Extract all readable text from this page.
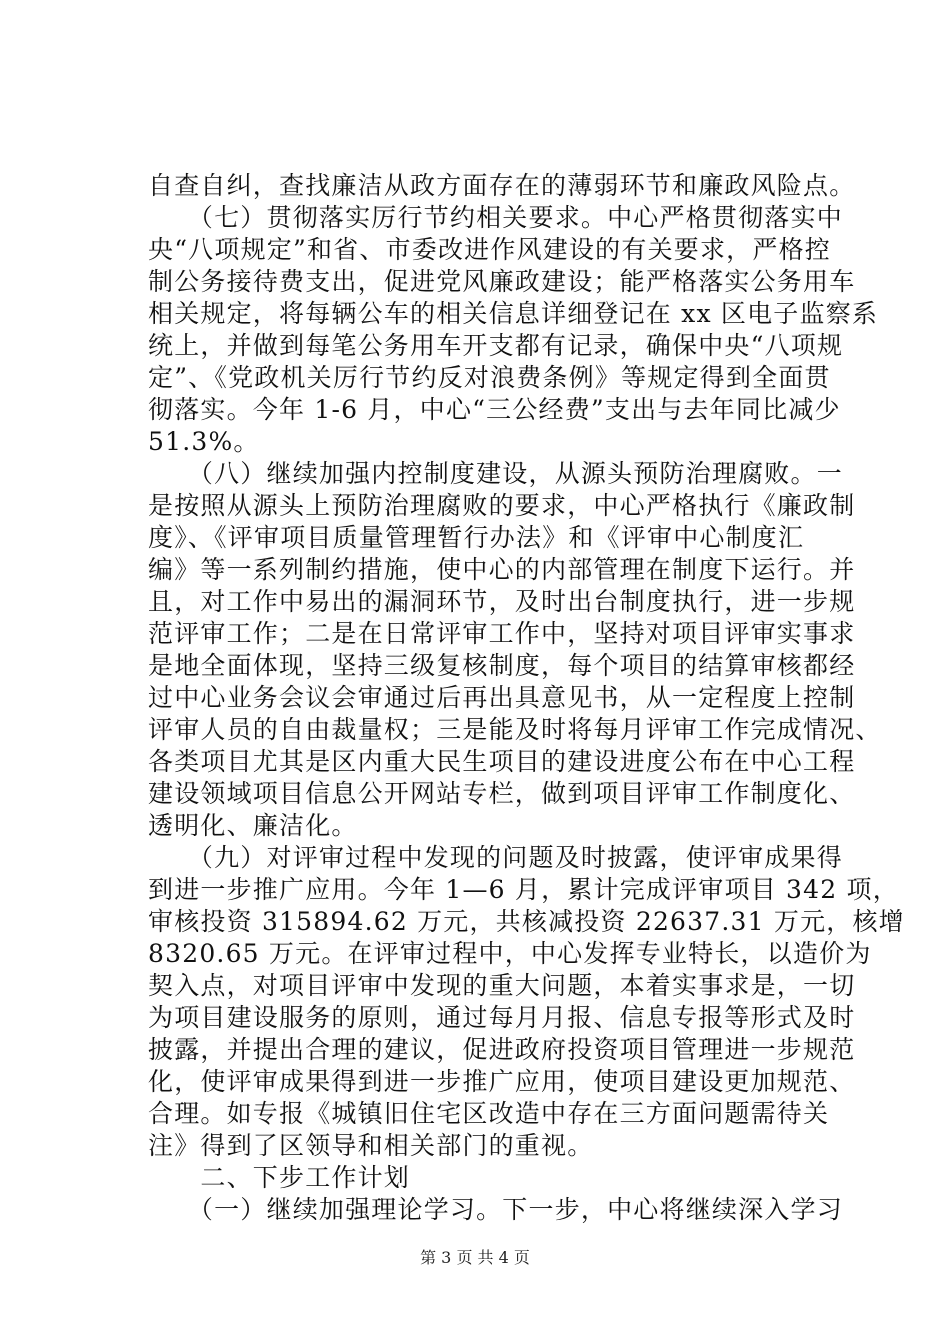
自查自纠，查找廉洁从政方面存在的薄弱环节和廉政风险点。
　　（七）贯彻落实厉行节约相关要求。中心严格贯彻落实中
央“八项规定”和省、市委改进作风建设的有关要求，严格控
制公务接待费支出，促进党风廉政建设；能严格落实公务用车
相关规定，将每辆公车的相关信息详细登记在 xx 区电子监察系
统上，并做到每笔公务用车开支都有记录，确保中央“八项规
定”、《党政机关厉行节约反对浪费条例》等规定得到全面贯
彻落实。今年 1-6 月，中心“三公经费”支出与去年同比减少
51.3%。
　　（八）继续加强内控制度建设，从源头预防治理腐败。一
是按照从源头上预防治理腐败的要求，中心严格执行《廉政制
度》、《评审项目质量管理暂行办法》和《评审中心制度汇
编》等一系列制约措施，使中心的内部管理在制度下运行。并
且，对工作中易出的漏洞环节，及时出台制度执行，进一步规
范评审工作；二是在日常评审工作中，坚持对项目评审实事求
是地全面体现，坚持三级复核制度，每个项目的结算审核都经
过中心业务会议会审通过后再出具意见书，从一定程度上控制
评审人员的自由裁量权；三是能及时将每月评审工作完成情况、
各类项目尤其是区内重大民生项目的建设进度公布在中心工程
建设领域项目信息公开网站专栏，做到项目评审工作制度化、
透明化、廉洁化。
　　（九）对评审过程中发现的问题及时披露，使评审成果得
到进一步推广应用。今年 1—6 月，累计完成评审项目 342 项，
审核投资 315894.62 万元，共核减投资 22637.31 万元，核增
8320.65 万元。在评审过程中，中心发挥专业特长，以造价为
契入点，对项目评审中发现的重大问题，本着实事求是，一切
为项目建设服务的原则，通过每月月报、信息专报等形式及时
披露，并提出合理的建议，促进政府投资项目管理进一步规范
化，使评审成果得到进一步推广应用，使项目建设更加规范、
合理。如专报《城镇旧住宅区改造中存在三方面问题需待关
注》得到了区领导和相关部门的重视。
　　二、下步工作计划
　　（一）继续加强理论学习。下一步，中心将继续深入学习
第 3 页 共 4 页
